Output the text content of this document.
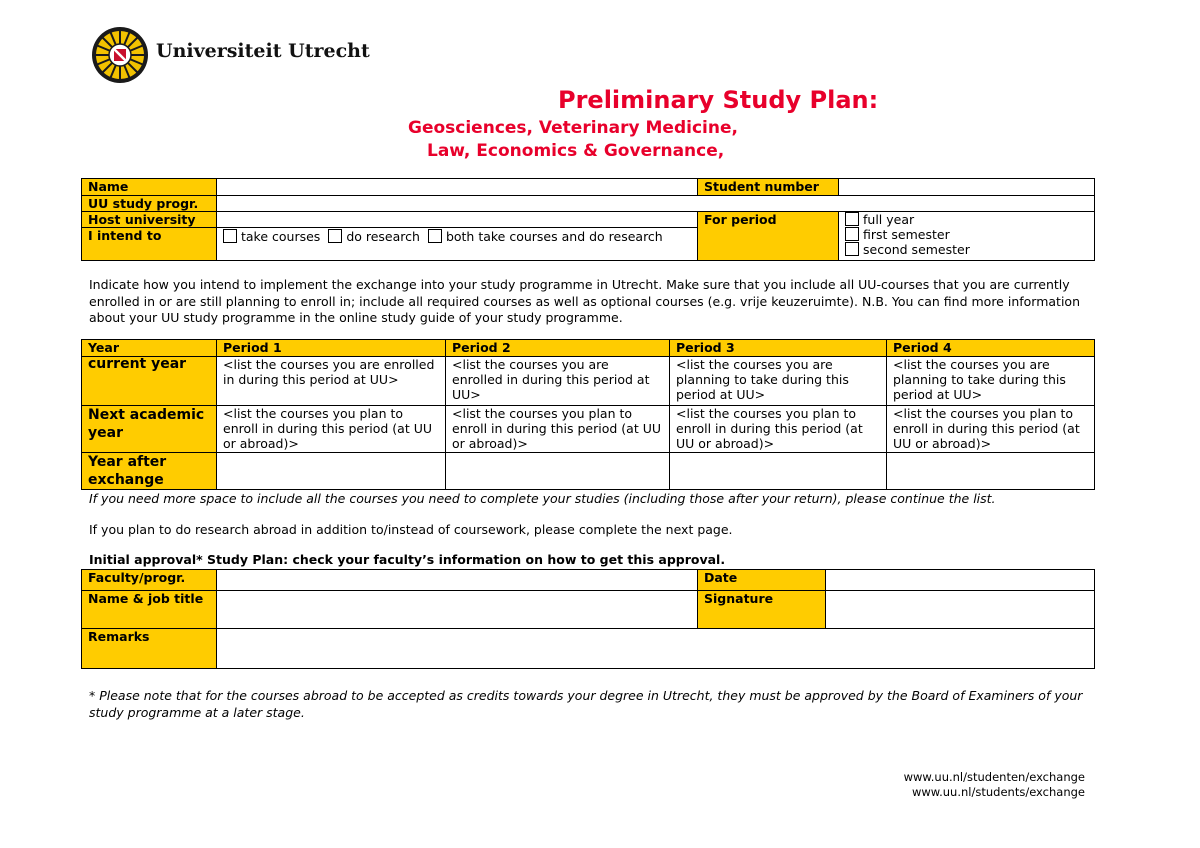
Universiteit Utrecht
Preliminary Study Plan:
Geosciences, Veterinary Medicine,
Law, Economics & Governance,
Name		Student number	
UU study progr.			
Host university		For period	full year
first semester
second semester

I intend to	take courses do research both take courses and do research		
Indicate how you intend to implement the exchange into your study programme in Utrecht. Make sure that you include all UU-courses that you are currently enrolled in or are still planning to enroll in; include all required courses as well as optional courses (e.g. vrije keuzeruimte). N.B. You can find more information about your UU study programme in the online study guide of your study programme.
Year	Period 1	Period 2	Period 3	Period 4
current year	<list the courses you are enrolled in during this period at UU>	<list the courses you are enrolled in during this period at UU>	<list the courses you are planning to take during this period at UU>	<list the courses you are planning to take during this period at UU>
Next academic year	<list the courses you plan to enroll in during this period (at UU or abroad)>	<list the courses you plan to enroll in during this period (at UU or abroad)>	<list the courses you plan to enroll in during this period (at UU or abroad)>	<list the courses you plan to enroll in during this period (at UU or abroad)>
Year after exchange				
If you need more space to include all the courses you need to complete your studies (including those after your return), please continue the list.
If you plan to do research abroad in addition to/instead of coursework, please complete the next page.
Initial approval* Study Plan: check your faculty’s information on how to get this approval.
Faculty/progr.		Date	
Name & job title		Signature	
Remarks			
* Please note that for the courses abroad to be accepted as credits towards your degree in Utrecht, they must be approved by the Board of Examiners of your study programme at a later stage.
www.uu.nl/studenten/exchange
www.uu.nl/students/exchange
